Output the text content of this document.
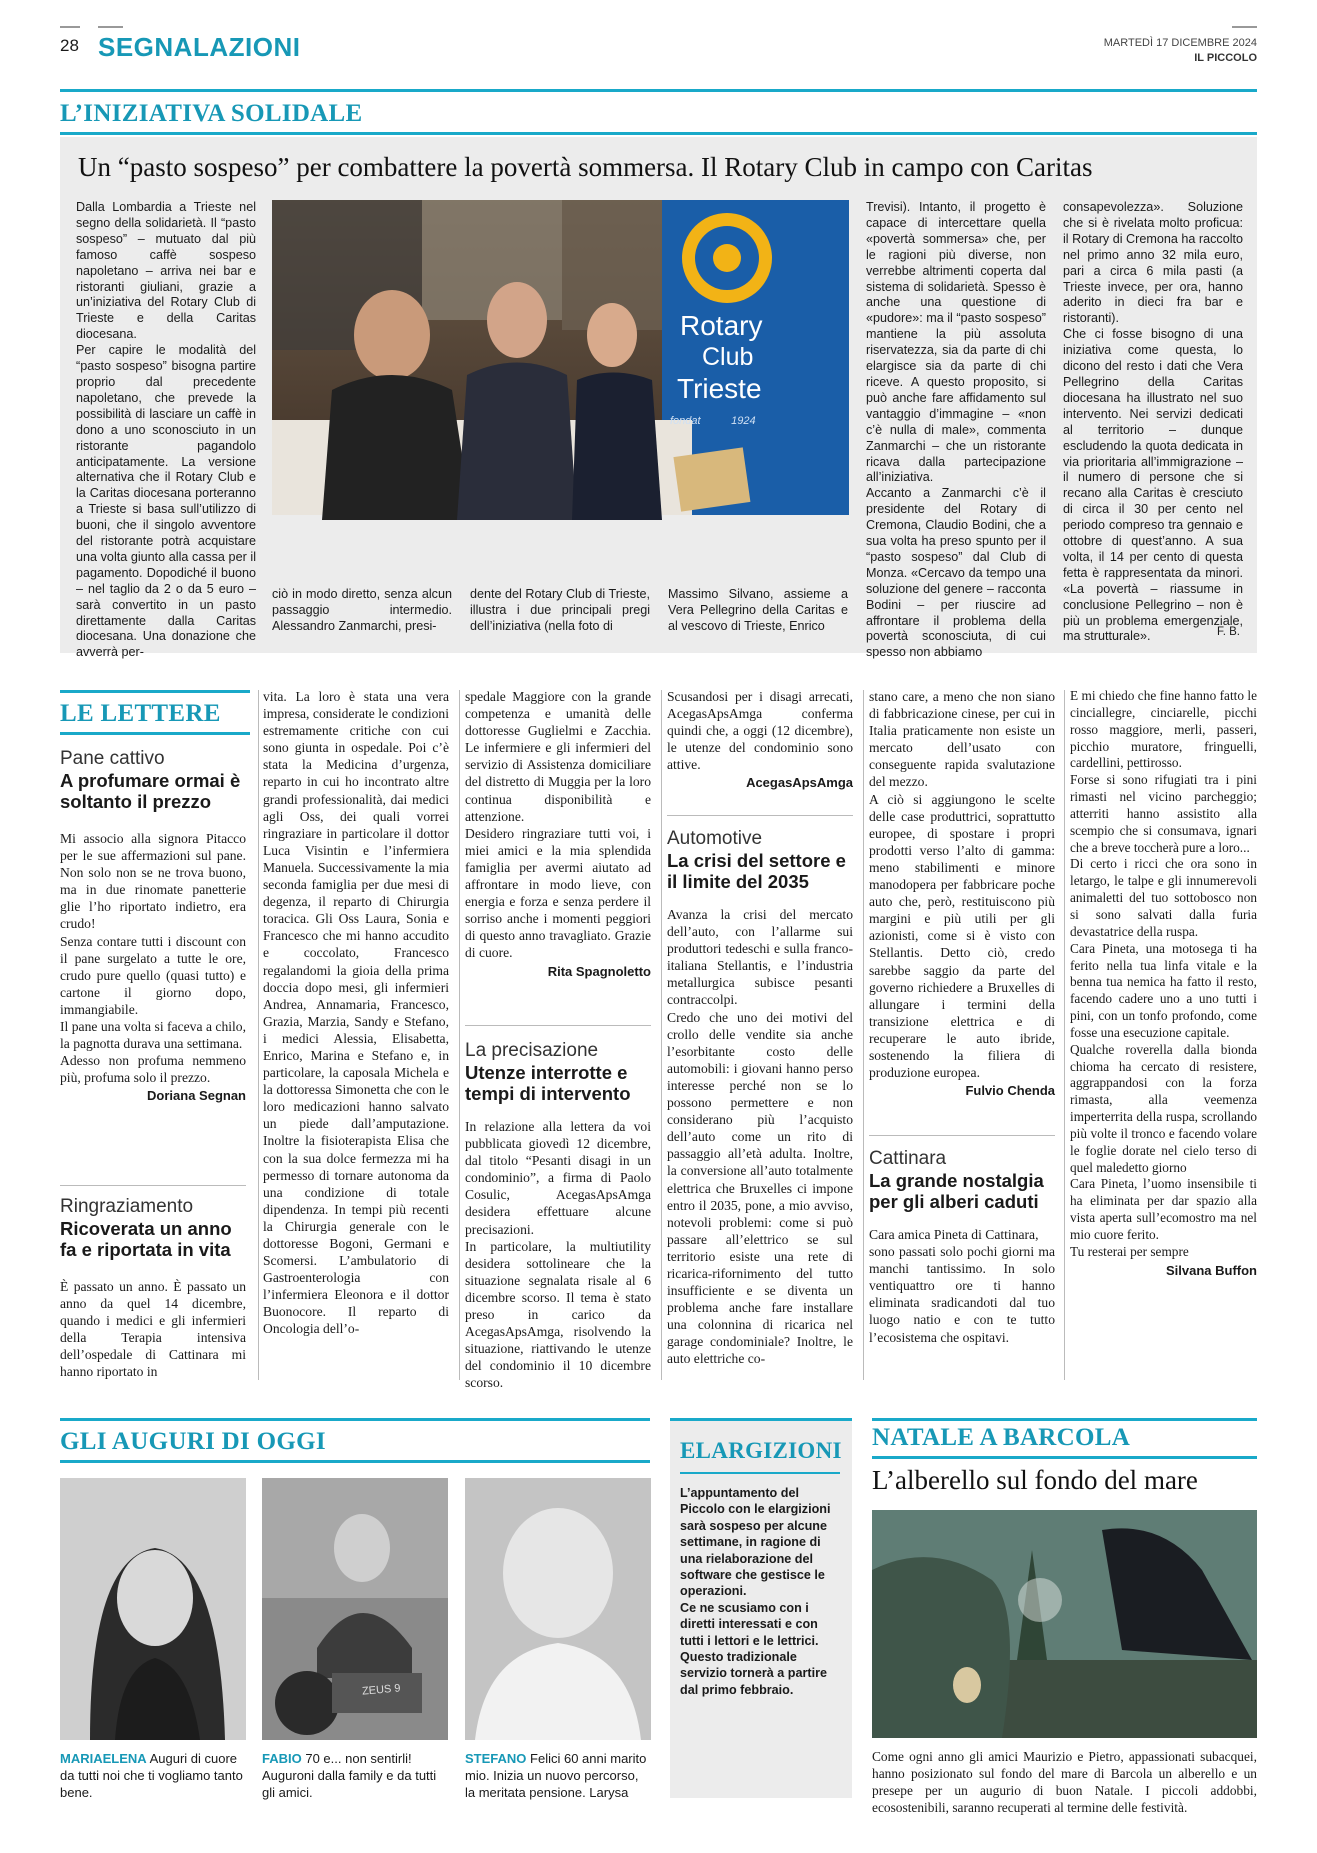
28 SEGNALAZIONI	MARTEDÌ 17 DICEMBRE 2024
IL PICCOLO
L’INIZIATIVA SOLIDALE
Un “pasto sospeso” per combattere la povertà sommersa. Il Rotary Club in campo con Caritas
Dalla Lombardia a Trieste nel segno della solidarietà. Il “pasto sospeso” – mutuato dal più famoso caffè sospeso napoletano – arriva nei bar e ristoranti giuliani, grazie a un’iniziativa del Rotary Club di Trieste e della Caritas diocesana.
Per capire le modalità del “pasto sospeso” bisogna partire proprio dal precedente napoletano, che prevede la possibilità di lasciare un caffè in dono a uno sconosciuto in un ristorante pagandolo anticipatamente. La versione alternativa che il Rotary Club e la Caritas diocesana porteranno a Trieste si basa sull’utilizzo di buoni, che il singolo avventore del ristorante potrà acquistare una volta giunto alla cassa per il pagamento. Dopodiché il buono – nel taglio da 2 o da 5 euro – sarà convertito in un pasto direttamente dalla Caritas diocesana. Una donazione che avverrà per-
Rotary
Club
Trieste
fondat          1924
ciò in modo diretto, senza alcun passaggio intermedio. Alessandro Zanmarchi, presi-
dente del Rotary Club di Trieste, illustra i due principali pregi dell’iniziativa (nella foto di
Massimo Silvano, assieme a Vera Pellegrino della Caritas e al vescovo di Trieste, Enrico
Trevisi). Intanto, il progetto è capace di intercettare quella «povertà sommersa» che, per le ragioni più diverse, non verrebbe altrimenti coperta dal sistema di solidarietà. Spesso è anche una questione di «pudore»: ma il “pasto sospeso” mantiene la più assoluta riservatezza, sia da parte di chi elargisce sia da parte di chi riceve. A questo proposito, si può anche fare affidamento sul vantaggio d’immagine – «non c’è nulla di male», commenta Zanmarchi – che un ristorante ricava dalla partecipazione all’iniziativa.
Accanto a Zanmarchi c’è il presidente del Rotary di Cremona, Claudio Bodini, che a sua volta ha preso spunto per il “pasto sospeso” dal Club di Monza. «Cercavo da tempo una soluzione del genere – racconta Bodini – per riuscire ad affrontare il problema della povertà sconosciuta, di cui spesso non abbiamo
consapevolezza». Soluzione che si è rivelata molto proficua: il Rotary di Cremona ha raccolto nel primo anno 32 mila euro, pari a circa 6 mila pasti (a Trieste invece, per ora, hanno aderito in dieci fra bar e ristoranti).
Che ci fosse bisogno di una iniziativa come questa, lo dicono del resto i dati che Vera Pellegrino della Caritas diocesana ha illustrato nel suo intervento. Nei servizi dedicati al territorio – dunque escludendo la quota dedicata in via prioritaria all’immigrazione – il numero di persone che si recano alla Caritas è cresciuto di circa il 30 per cento nel periodo compreso tra gennaio e ottobre di quest’anno. A sua volta, il 14 per cento di questa fetta è rappresentata da minori. «La povertà – riassume in conclusione Pellegrino – non è più un problema emergenziale, ma strutturale».	F. B.
LE LETTERE
Pane cattivo
A profumare ormai è soltanto il prezzo
Mi associo alla signora Pitacco per le sue affermazioni sul pane. Non solo non se ne trova buono, ma in due rinomate panetterie glie l’ho riportato indietro, era crudo!
Senza contare tutti i discount con il pane surgelato a tutte le ore, crudo pure quello (quasi tutto) e cartone il giorno dopo, immangiabile.
Il pane una volta si faceva a chilo, la pagnotta durava una settimana.
Adesso non profuma nemmeno più, profuma solo il prezzo.
Doriana Segnan
Ringraziamento
Ricoverata un anno fa e riportata in vita
È passato un anno. È passato un anno da quel 14 dicembre, quando i medici e gli infermieri della Terapia intensiva dell’ospedale di Cattinara mi hanno riportato in
vita. La loro è stata una vera impresa, considerate le condizioni estremamente critiche con cui sono giunta in ospedale. Poi c’è stata la Medicina d’urgenza, reparto in cui ho incontrato altre grandi professionalità, dai medici agli Oss, dei quali vorrei ringraziare in particolare il dottor Luca Visintin e l’infermiera Manuela. Successivamente la mia seconda famiglia per due mesi di degenza, il reparto di Chirurgia toracica. Gli Oss Laura, Sonia e Francesco che mi hanno accudito e coccolato, Francesco regalandomi la gioia della prima doccia dopo mesi, gli infermieri Andrea, Annamaria, Francesco, Grazia, Marzia, Sandy e Stefano, i medici Alessia, Elisabetta, Enrico, Marina e Stefano e, in particolare, la caposala Michela e la dottoressa Simonetta che con le loro medicazioni hanno salvato un piede dall’amputazione. Inoltre la fisioterapista Elisa che con la sua dolce fermezza mi ha permesso di tornare autonoma da una condizione di totale dipendenza. In tempi più recenti la Chirurgia generale con le dottoresse Bogoni, Germani e Scomersi. L’ambulatorio di Gastroenterologia con l’infermiera Eleonora e il dottor Buonocore. Il reparto di Oncologia dell’o-
spedale Maggiore con la grande competenza e umanità delle dottoresse Guglielmi e Zacchia. Le infermiere e gli infermieri del servizio di Assistenza domiciliare del distretto di Muggia per la loro continua disponibilità e attenzione.
Desidero ringraziare tutti voi, i miei amici e la mia splendida famiglia per avermi aiutato ad affrontare in modo lieve, con energia e forza e senza perdere il sorriso anche i momenti peggiori di questo anno travagliato. Grazie di cuore.
Rita Spagnoletto
La precisazione
Utenze interrotte e tempi di intervento
In relazione alla lettera da voi pubblicata giovedì 12 dicembre, dal titolo “Pesanti disagi in un condominio”, a firma di Paolo Cosulic, AcegasApsAmga desidera effettuare alcune precisazioni.
In particolare, la multiutility desidera sottolineare che la situazione segnalata risale al 6 dicembre scorso. Il tema è stato preso in carico da AcegasApsAmga, risolvendo la situazione, riattivando le utenze del condominio il 10 dicembre scorso.
Scusandosi per i disagi arrecati, AcegasApsAmga conferma quindi che, a oggi (12 dicembre), le utenze del condominio sono attive.
AcegasApsAmga
Automotive
La crisi del settore e il limite del 2035
Avanza la crisi del mercato dell’auto, con l’allarme sui produttori tedeschi e sulla franco-italiana Stellantis, e l’industria metallurgica subisce pesanti contraccolpi.
Credo che uno dei motivi del crollo delle vendite sia anche l’esorbitante costo delle automobili: i giovani hanno perso interesse perché non se lo possono permettere e non considerano più l’acquisto dell’auto come un rito di passaggio all’età adulta. Inoltre, la conversione all’auto totalmente elettrica che Bruxelles ci impone entro il 2035, pone, a mio avviso, notevoli problemi: come si può passare all’elettrico se sul territorio esiste una rete di ricarica-rifornimento del tutto insufficiente e se diventa un problema anche fare installare una colonnina di ricarica nel garage condominiale? Inoltre, le auto elettriche co-
stano care, a meno che non siano di fabbricazione cinese, per cui in Italia praticamente non esiste un mercato dell’usato con conseguente rapida svalutazione del mezzo.
A ciò si aggiungono le scelte delle case produttrici, soprattutto europee, di spostare i propri prodotti verso l’alto di gamma: meno stabilimenti e minore manodopera per fabbricare poche auto che, però, restituiscono più margini e più utili per gli azionisti, come si è visto con Stellantis. Detto ciò, credo sarebbe saggio da parte del governo richiedere a Bruxelles di allungare i termini della transizione elettrica e di recuperare le auto ibride, sostenendo la filiera di produzione europea.
Fulvio Chenda
Cattinara
La grande nostalgia per gli alberi caduti
Cara amica Pineta di Cattinara,
sono passati solo pochi giorni ma manchi tantissimo. In solo ventiquattro ore ti hanno eliminata sradicandoti dal tuo luogo natio e con te tutto l’ecosistema che ospitavi.
E mi chiedo che fine hanno fatto le cinciallegre, cinciarelle, picchi rosso maggiore, merli, passeri, picchio muratore, fringuelli, cardellini, pettirosso.
Forse si sono rifugiati tra i pini rimasti nel vicino parcheggio; atterriti hanno assistito alla scempio che si consumava, ignari che a breve toccherà pure a loro...
Di certo i ricci che ora sono in letargo, le talpe e gli innumerevoli animaletti del tuo sottobosco non si sono salvati dalla furia devastatrice della ruspa.
Cara Pineta, una motosega ti ha ferito nella tua linfa vitale e la benna tua nemica ha fatto il resto, facendo cadere uno a uno tutti i pini, con un tonfo profondo, come fosse una esecuzione capitale.
Qualche roverella dalla bionda chioma ha cercato di resistere, aggrappandosi con la forza rimasta, alla veemenza imperterrita della ruspa, scrollando più volte il tronco e facendo volare le foglie dorate nel cielo terso di quel maledetto giorno
Cara Pineta, l’uomo insensibile ti ha eliminata per dar spazio alla vista aperta sull’ecomostro ma nel mio cuore ferito.
Tu resterai per sempre
Silvana Buffon
GLI AUGURI DI OGGI
ZEUS 9
MARIAELENA Auguri di cuore da tutti noi che ti vogliamo tanto bene.
FABIO 70 e... non sentirli! Auguroni dalla family e da tutti gli amici.
STEFANO Felici 60 anni marito mio. Inizia un nuovo percorso, la meritata pensione. Larysa
ELARGIZIONI
L’appuntamento del Piccolo con le elargizioni sarà sospeso per alcune settimane, in ragione di una rielaborazione del software che gestisce le operazioni.
Ce ne scusiamo con i diretti interessati e con tutti i lettori e le lettrici.
Questo tradizionale servizio tornerà a partire dal primo febbraio.
NATALE A BARCOLA
L’alberello sul fondo del mare
Come ogni anno gli amici Maurizio e Pietro, appassionati subacquei, hanno posizionato sul fondo del mare di Barcola un alberello e un presepe per un augurio di buon Natale. I piccoli addobbi, ecosostenibili, saranno recuperati al termine delle festività.
